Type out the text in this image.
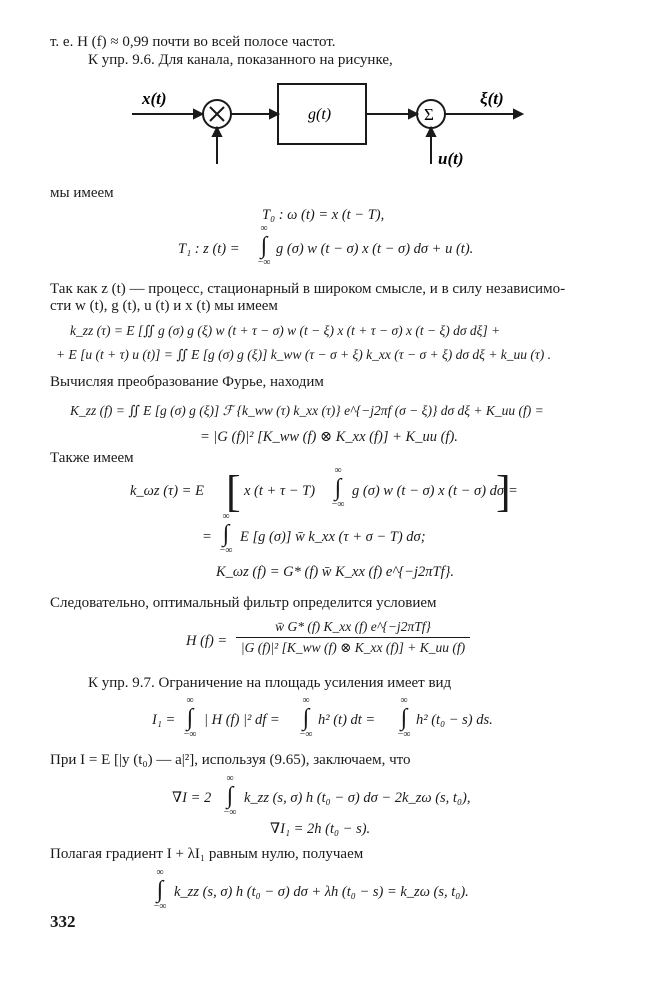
т. е. H (f) ≈ 0,99 почти во всей полосе частот.
К упр. 9.6. Для канала, показанного на рисунке,
x(t)
g(t)	Σ
ξ(t)
u(t)
мы имеем
T₀ : ω (t) = x (t − T),
T₁ : z (t) =
∞
∫
−∞
g (σ) w (t − σ) x (t − σ) dσ + u (t).
Так как z (t) — процесс, стационарный в широком смысле, и в силу независимо-
сти w (t), g (t), u (t) и x (t) мы имеем
k_zz (τ) = E [∬ g (σ) g (ξ) w (t + τ − σ) w (t − ξ) x (t + τ − σ) x (t − ξ) dσ dξ] +
+ E [u (t + τ) u (t)] = ∬ E [g (σ) g (ξ)] k_ww (τ − σ + ξ) k_xx (τ − σ + ξ) dσ dξ + k_uu (τ) .
Вычисляя преобразование Фурье, находим
K_zz (f) = ∬ E [g (σ) g (ξ)] ℱ {k_ww (τ) k_xx (τ)} e^{−j2πf (σ − ξ)} dσ dξ + K_uu (f) =
= |G (f)|² [K_ww (f) ⊗ K_xx (f)] + K_uu (f).
Также имеем
k_ωz (τ) = E [ x (t + τ − T)
∞
∫
−∞
g (σ) w (t − σ) x (t − σ) dσ
]
=
=
∞
∫
−∞
E [g (σ)] w̄ k_xx (τ + σ − T) dσ;
K_ωz (f) = G* (f) w̄ K_xx (f) e^{−j2πTf}.
Следовательно, оптимальный фильтр определится условием
H (f) =
w̄ G* (f) K_xx (f) e^{−j2πTf}
|G (f)|² [K_ww (f) ⊗ K_xx (f)] + K_uu (f)
К упр. 9.7. Ограничение на площадь усиления имеет вид
I₁ =
∞
∫
−∞
| H (f) |² df =
∞
∫
−∞
h² (t) dt =
∞
∫
−∞
h² (t₀ − s) ds.
При I = E [|y (t₀) — a|²], используя (9.65), заключаем, что
∇I = 2
∞
∫
−∞
k_zz (s, σ) h (t₀ − σ) dσ − 2k_zω (s, t₀),
∇I₁ = 2h (t₀ − s).
Полагая градиент I + λI₁ равным нулю, получаем
∞
∫
−∞
k_zz (s, σ) h (t₀ − σ) dσ + λh (t₀ − s) = k_zω (s, t₀).
332
